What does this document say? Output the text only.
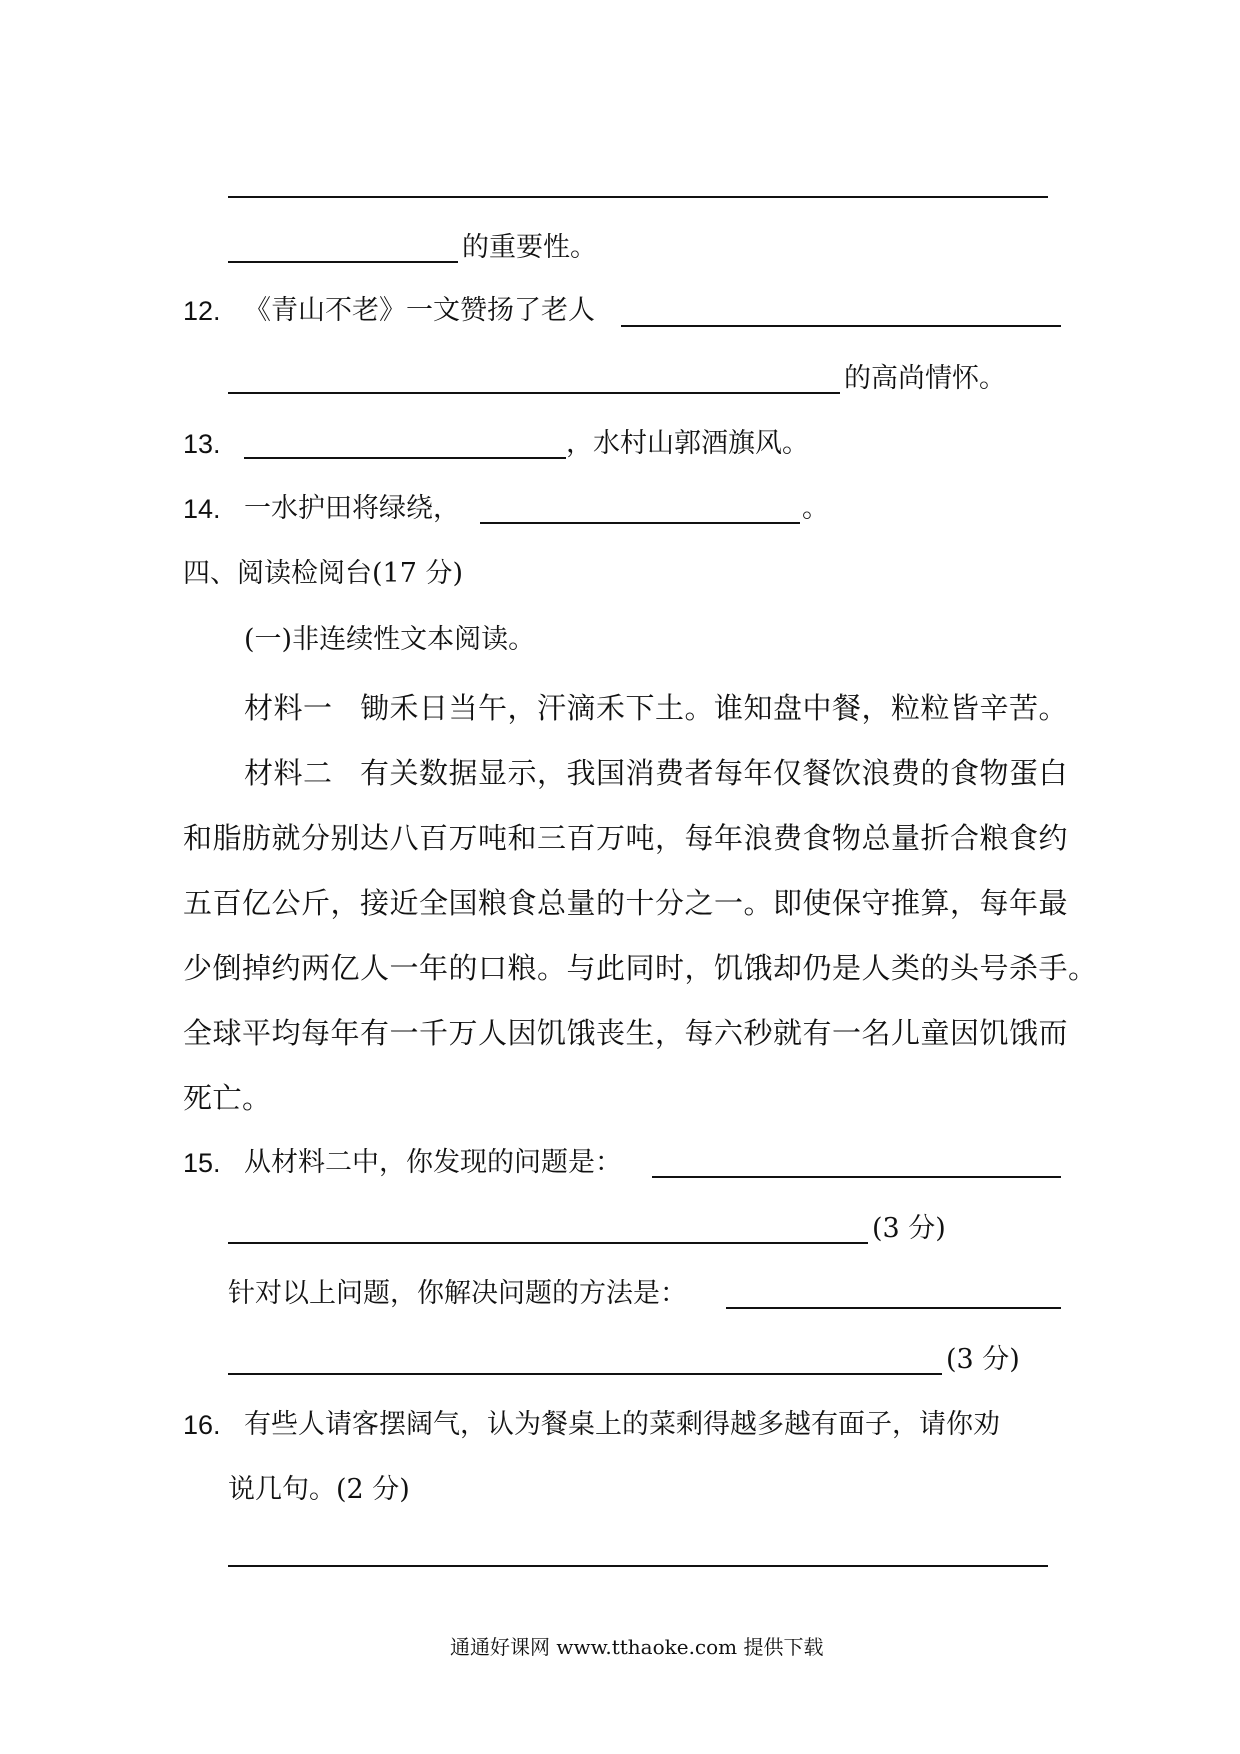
的重要性。
12. 《青山不老》一文赞扬了老人
的高尚情怀。
13.	，水村山郭酒旗风。
14. 一水护田将绿绕，	。
四、阅读检阅台(17 分)
(一)非连续性文本阅读。
材料一 锄禾日当午，汗滴禾下土。谁知盘中餐，粒粒皆辛苦。
材料二 有关数据显示，我国消费者每年仅餐饮浪费的食物蛋白
和脂肪就分别达八百万吨和三百万吨，每年浪费食物总量折合粮食约
五百亿公斤，接近全国粮食总量的十分之一。即使保守推算，每年最
少倒掉约两亿人一年的口粮。与此同时，饥饿却仍是人类的头号杀手。
全球平均每年有一千万人因饥饿丧生，每六秒就有一名儿童因饥饿而
死亡。
15. 从材料二中，你发现的问题是：
(3 分)
针对以上问题，你解决问题的方法是：
(3 分)
16. 有些人请客摆阔气，认为餐桌上的菜剩得越多越有面子，请你劝
说几句。(2 分)
通通好课网 www.tthaoke.com 提供下载
